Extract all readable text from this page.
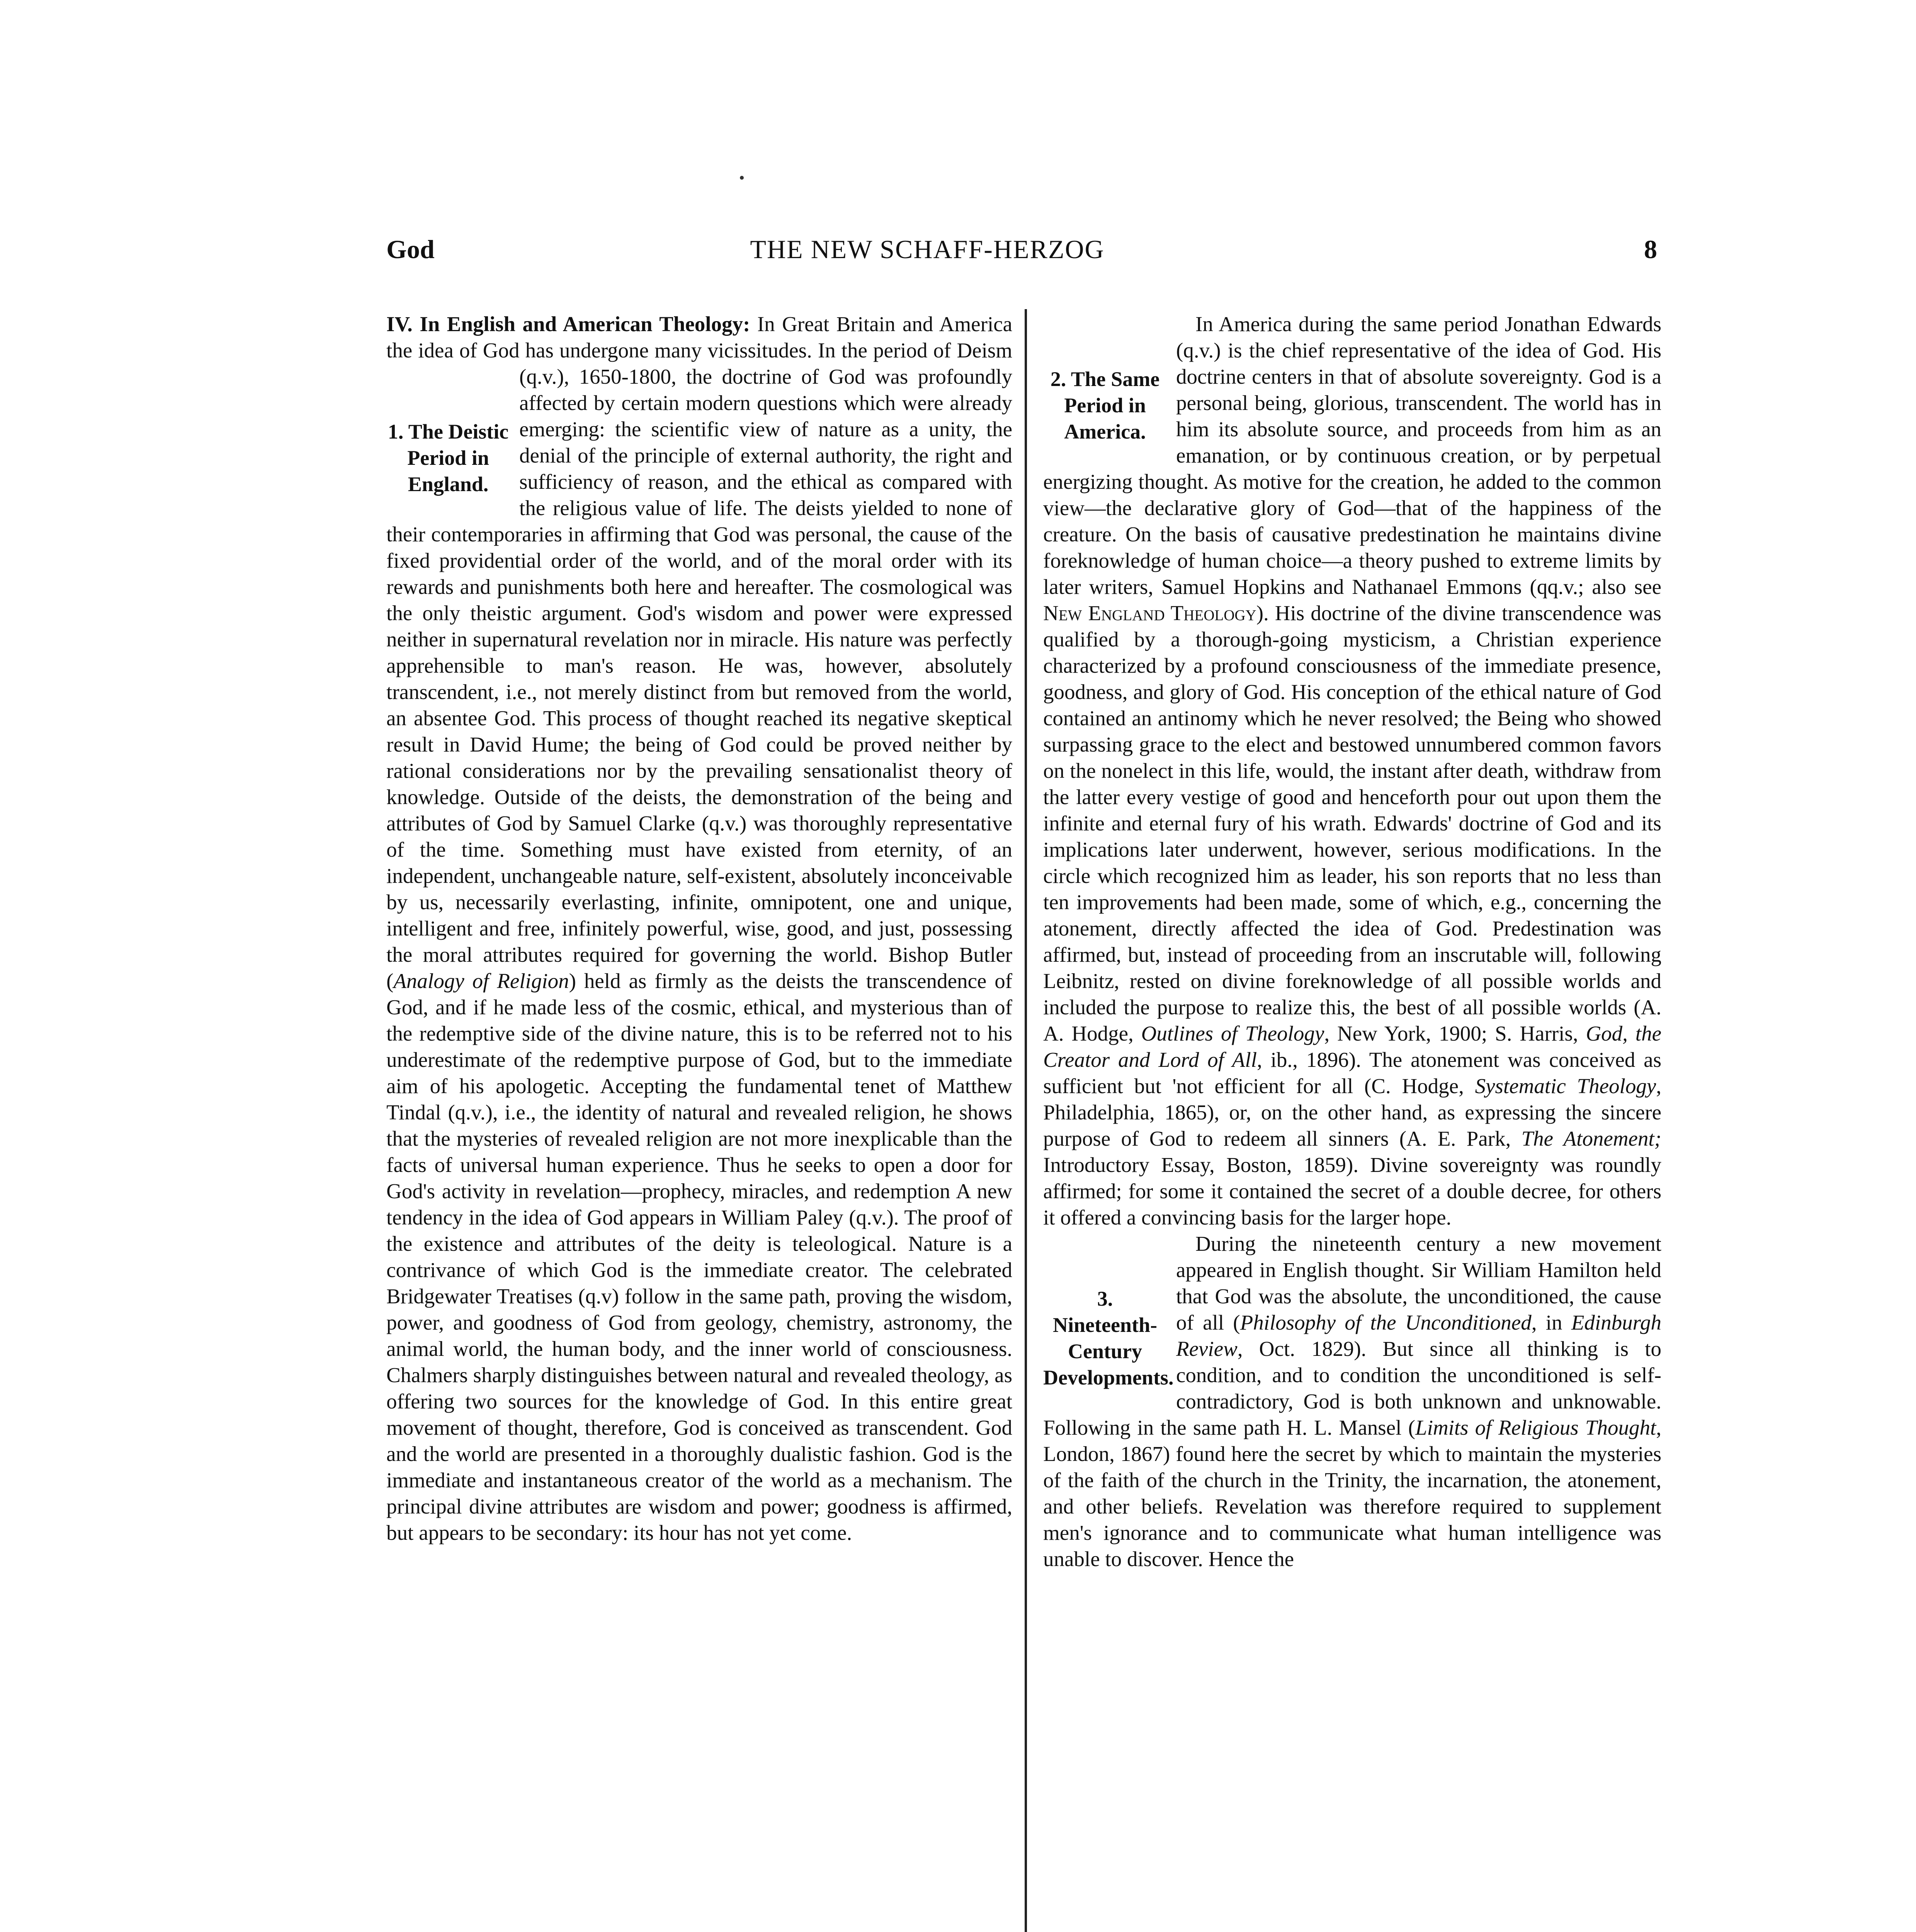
God	THE NEW SCHAFF-HERZOG	8

IV. In English and American Theology: In Great Britain and America the idea of God has undergone many vicissitudes. In the period of
1. The Deistic Period in England.
Deism (q.v.), 1650-1800, the doctrine of God was profoundly affected by certain modern questions which were already emerging: the scientific view of nature as a unity, the denial of the principle of external authority, the right and sufficiency of reason, and the ethical as compared with the religious value of life. The deists yielded to none of their contemporaries in affirming that God was personal, the cause of the fixed providential order of the world, and of the moral order with its rewards and punishments both here and hereafter. The cosmological was the only theistic argument. God's wisdom and power were expressed neither in supernatural revelation nor in miracle. His nature was perfectly apprehensible to man's reason. He was, however, absolutely transcendent, i.e., not merely distinct from but removed from the world, an absentee God. This process of thought reached its negative skeptical result in David Hume; the being of God could be proved neither by rational considerations nor by the prevailing sensationalist theory of knowledge. Outside of the deists, the demonstration of the being and attributes of God by Samuel Clarke (q.v.) was thoroughly representative of the time. Something must have existed from eternity, of an independent, unchangeable nature, self-existent, absolutely inconceivable by us, necessarily everlasting, infinite, omnipotent, one and unique, intelligent and free, infinitely powerful, wise, good, and just, possessing the moral attributes required for governing the world. Bishop Butler (Analogy of Religion) held as firmly as the deists the transcendence of God, and if he made less of the cosmic, ethical, and mysterious than of the redemptive side of the divine nature, this is to be referred not to his underestimate of the redemptive purpose of God, but to the immediate aim of his apologetic. Accepting the fundamental tenet of Matthew Tindal (q.v.), i.e., the identity of natural and revealed religion, he shows that the mysteries of revealed religion are not more inexplicable than the facts of universal human experience. Thus he seeks to open a door for God's activity in revelation—prophecy, miracles, and redemption A new tendency in the idea of God appears in William Paley (q.v.). The proof of the existence and attributes of the deity is teleological. Nature is a contrivance of which God is the immediate creator. The celebrated Bridgewater Treatises (q.v) follow in the same path, proving the wisdom, power, and goodness of God from geology, chemistry, astronomy, the animal world, the human body, and the inner world of consciousness. Chalmers sharply distinguishes between natural and revealed theology, as offering two sources for the knowledge of God. In this entire great movement of thought, therefore, God is conceived as transcendent. God and the world are presented in a thoroughly dualistic fashion. God is the immediate and instantaneous creator of the world as a mechanism. The principal divine attributes are wisdom and power; goodness is affirmed, but appears to be secondary: its hour has not yet come.

2. The Same Period in America.
In America during the same period Jonathan Edwards (q.v.) is the chief representative of the idea of God. His doctrine centers in that of absolute sovereignty. God is a personal being, glorious, transcendent. The world has in him its absolute source, and proceeds from him as an emanation, or by continuous creation, or by perpetual energizing thought. As motive for the creation, he added to the common view—the declarative glory of God—that of the happiness of the creature. On the basis of causative predestination he maintains divine foreknowledge of human choice—a theory pushed to extreme limits by later writers, Samuel Hopkins and Nathanael Emmons (qq.v.; also see New England Theology). His doctrine of the divine transcendence was qualified by a thorough-going mysticism, a Christian experience characterized by a profound consciousness of the immediate presence, goodness, and glory of God. His conception of the ethical nature of God contained an antinomy which he never resolved; the Being who showed surpassing grace to the elect and bestowed unnumbered common favors on the nonelect in this life, would, the instant after death, withdraw from the latter every vestige of good and henceforth pour out upon them the infinite and eternal fury of his wrath. Edwards' doctrine of God and its implications later underwent, however, serious modifications. In the circle which recognized him as leader, his son reports that no less than ten improvements had been made, some of which, e.g., concerning the atonement, directly affected the idea of God. Predestination was affirmed, but, instead of proceeding from an inscrutable will, following Leibnitz, rested on divine foreknowledge of all possible worlds and included the purpose to realize this, the best of all possible worlds (A. A. Hodge, Outlines of Theology, New York, 1900; S. Harris, God, the Creator and Lord of All, ib., 1896). The atonement was conceived as sufficient but 'not efficient for all (C. Hodge, Systematic Theology, Philadelphia, 1865), or, on the other hand, as expressing the sincere purpose of God to redeem all sinners (A. E. Park, The Atonement; Introductory Essay, Boston, 1859). Divine sovereignty was roundly affirmed; for some it contained the secret of a double decree, for others it offered a convincing basis for the larger hope.

3. Nineteenth-Century Developments.
During the nineteenth century a new movement appeared in English thought. Sir William Hamilton held that God was the absolute, the unconditioned, the cause of all (Philosophy of the Unconditioned, in Edinburgh Review, Oct. 1829). But since all thinking is to condition, and to condition the unconditioned is self-contradictory, God is both unknown and unknowable. Following in the same path H. L. Mansel (Limits of Religious Thought, London, 1867) found here the secret by which to maintain the mysteries of the faith of the church in the Trinity, the incarnation, the atonement, and other beliefs. Revelation was therefore required to supplement men's ignorance and to communicate what human intelligence was unable to discover. Hence the
